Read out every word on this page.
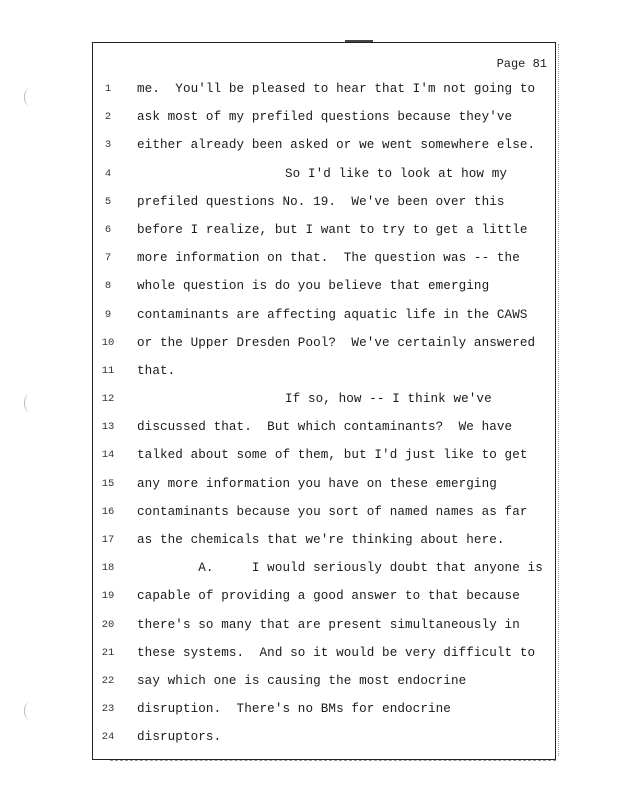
Page 81
1
2
3
4
5
6
7
8
9
10
11
12
13
14
15
16
17
18
19
20
21
22
23
24
me.  You'll be pleased to hear that I'm not going to
ask most of my prefiled questions because they've
either already been asked or we went somewhere else.
So I'd like to look at how my
prefiled questions No. 19.  We've been over this
before I realize, but I want to try to get a little
more information on that.  The question was -- the
whole question is do you believe that emerging
contaminants are affecting aquatic life in the CAWS
or the Upper Dresden Pool?  We've certainly answered
that.
If so, how -- I think we've
discussed that.  But which contaminants?  We have
talked about some of them, but I'd just like to get
any more information you have on these emerging
contaminants because you sort of named names as far
as the chemicals that we're thinking about here.
A.     I would seriously doubt that anyone is
capable of providing a good answer to that because
there's so many that are present simultaneously in
these systems.  And so it would be very difficult to
say which one is causing the most endocrine
disruption.  There's no BMs for endocrine
disruptors.
